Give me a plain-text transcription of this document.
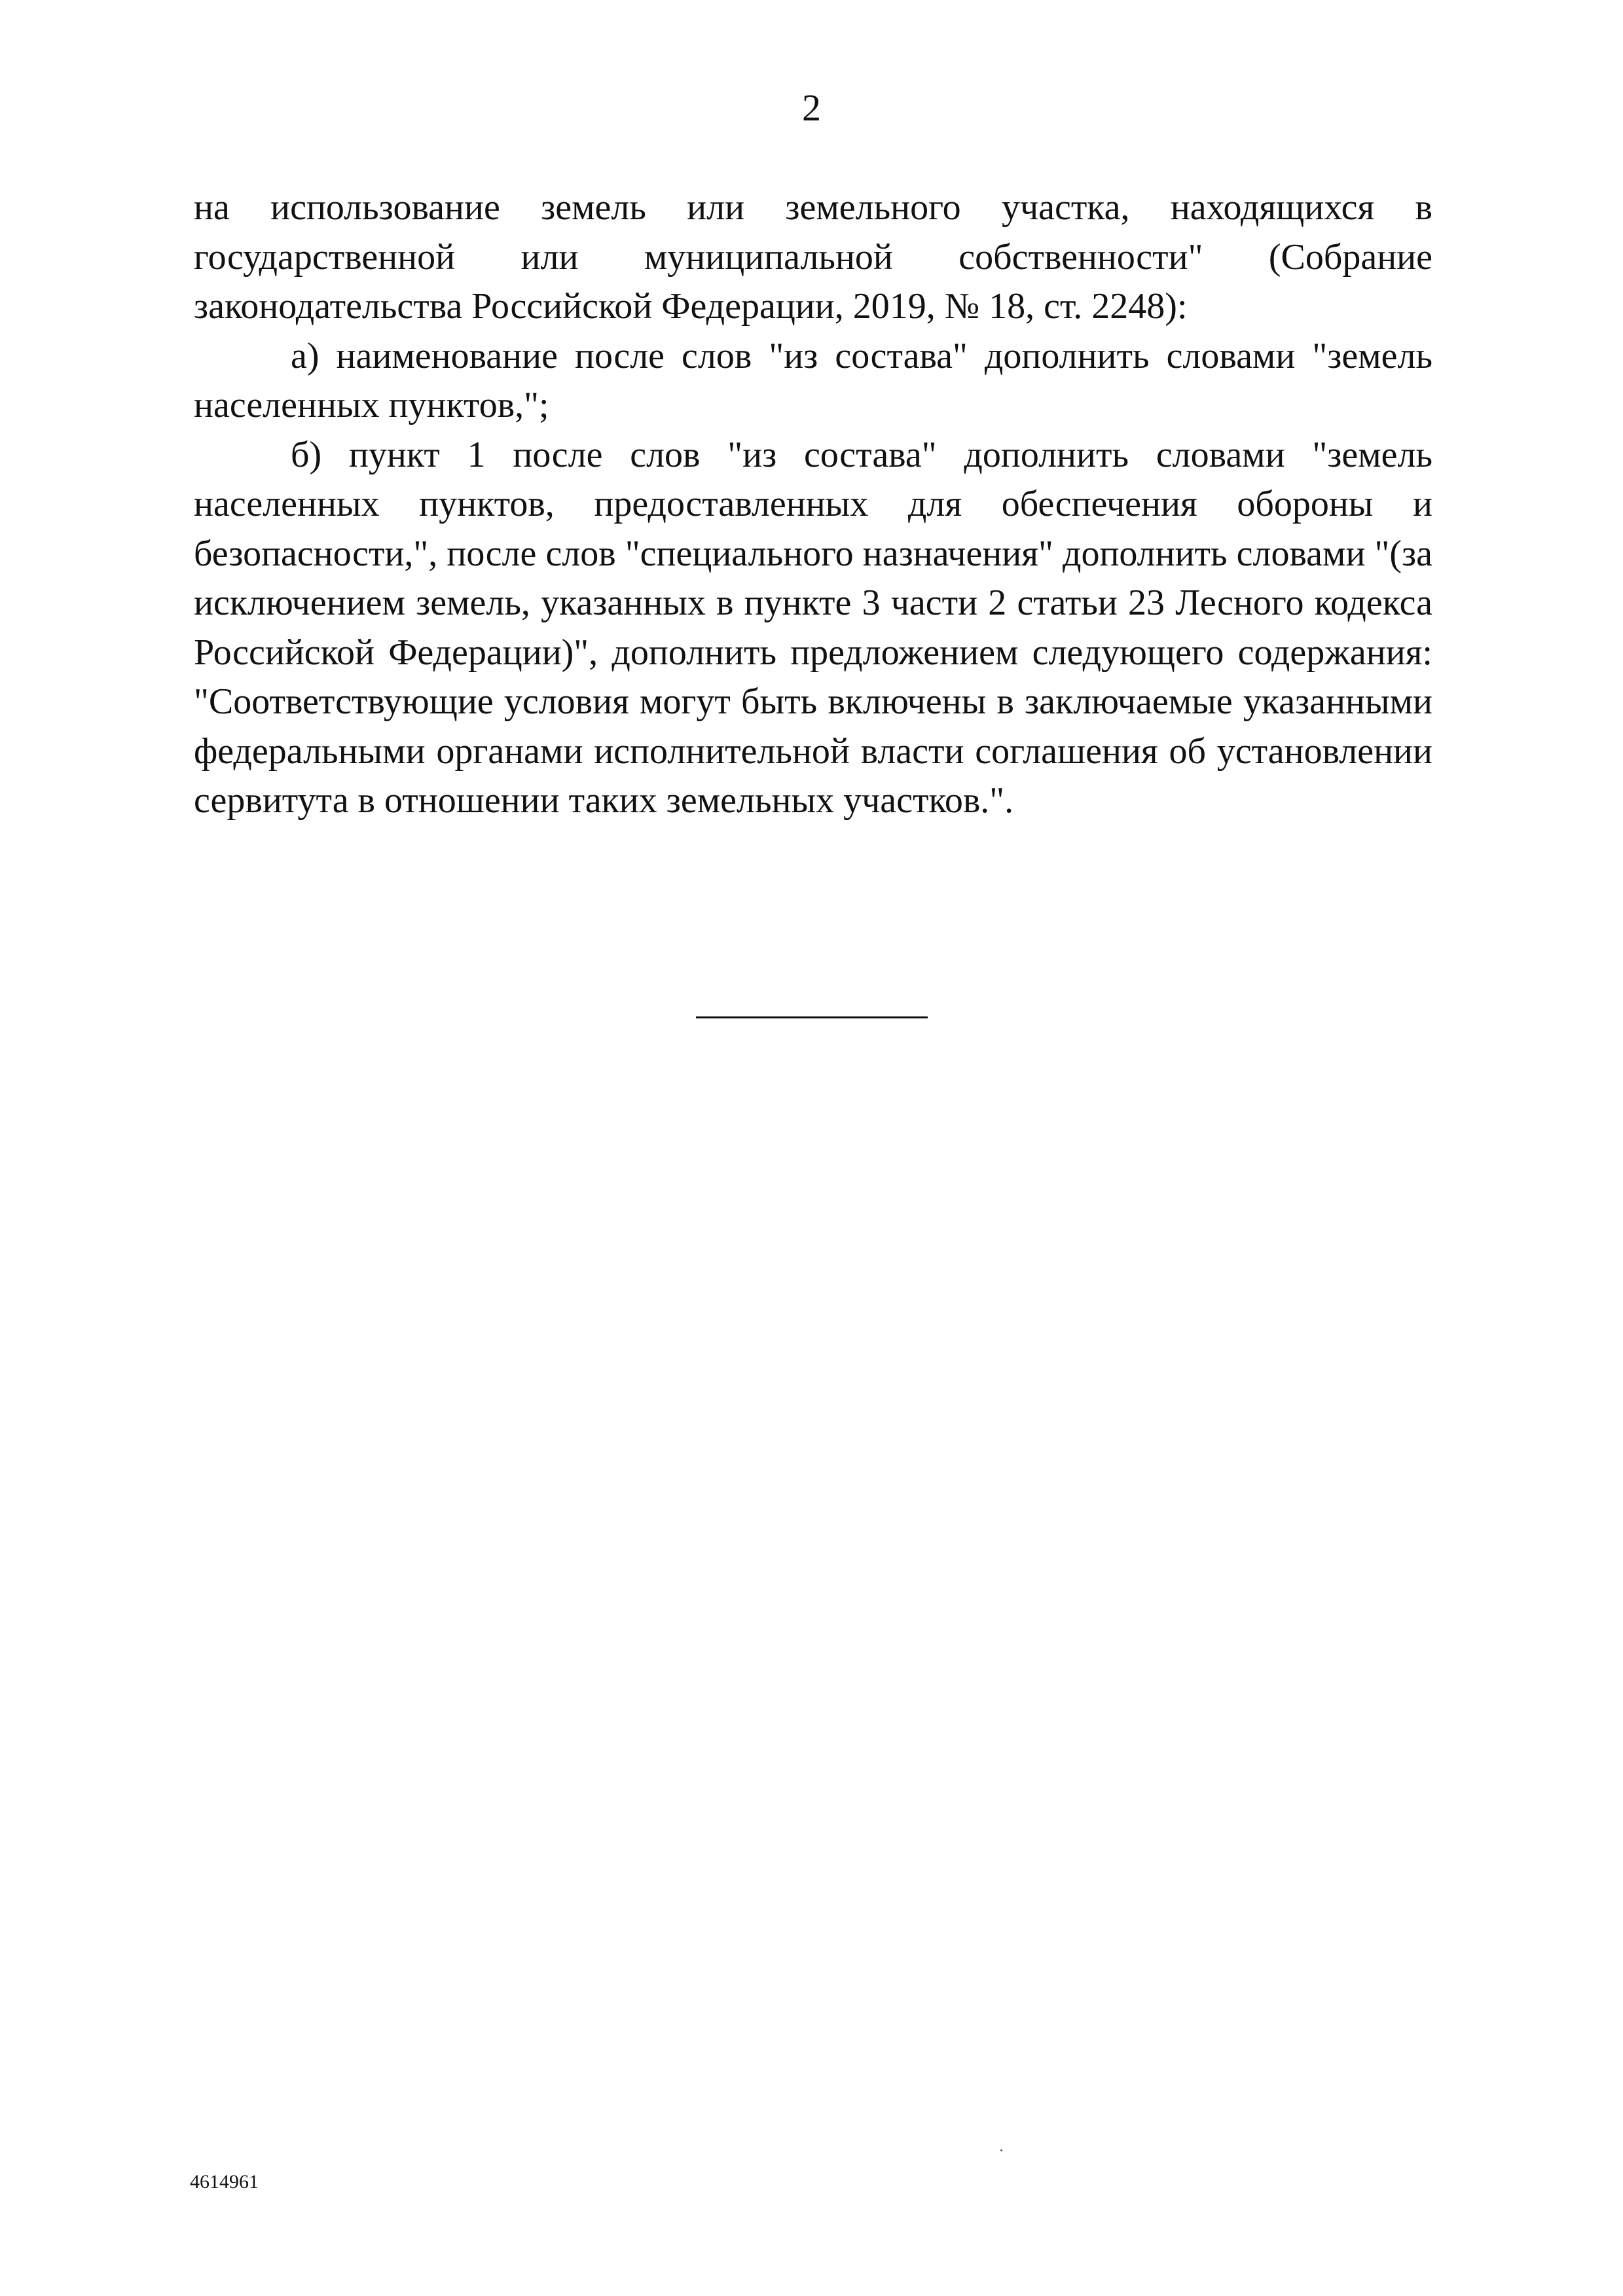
2

на использование земель или земельного участка, находящихся в государственной или муниципальной собственности" (Собрание законодательства Российской Федерации, 2019, № 18, ст. 2248):

а) наименование после слов "из состава" дополнить словами "земель населенных пунктов,";

б) пункт 1 после слов "из состава" дополнить словами "земель населенных пунктов, предоставленных для обеспечения обороны и безопасности,", после слов "специального назначения" дополнить словами "(за исключением земель, указанных в пункте 3 части 2 статьи 23 Лесного кодекса Российской Федерации)", дополнить предложением следующего содержания: "Соответствующие условия могут быть включены в заключаемые указанными федеральными органами исполнительной власти соглашения об установлении сервитута в отношении таких земельных участков.".

4614961
